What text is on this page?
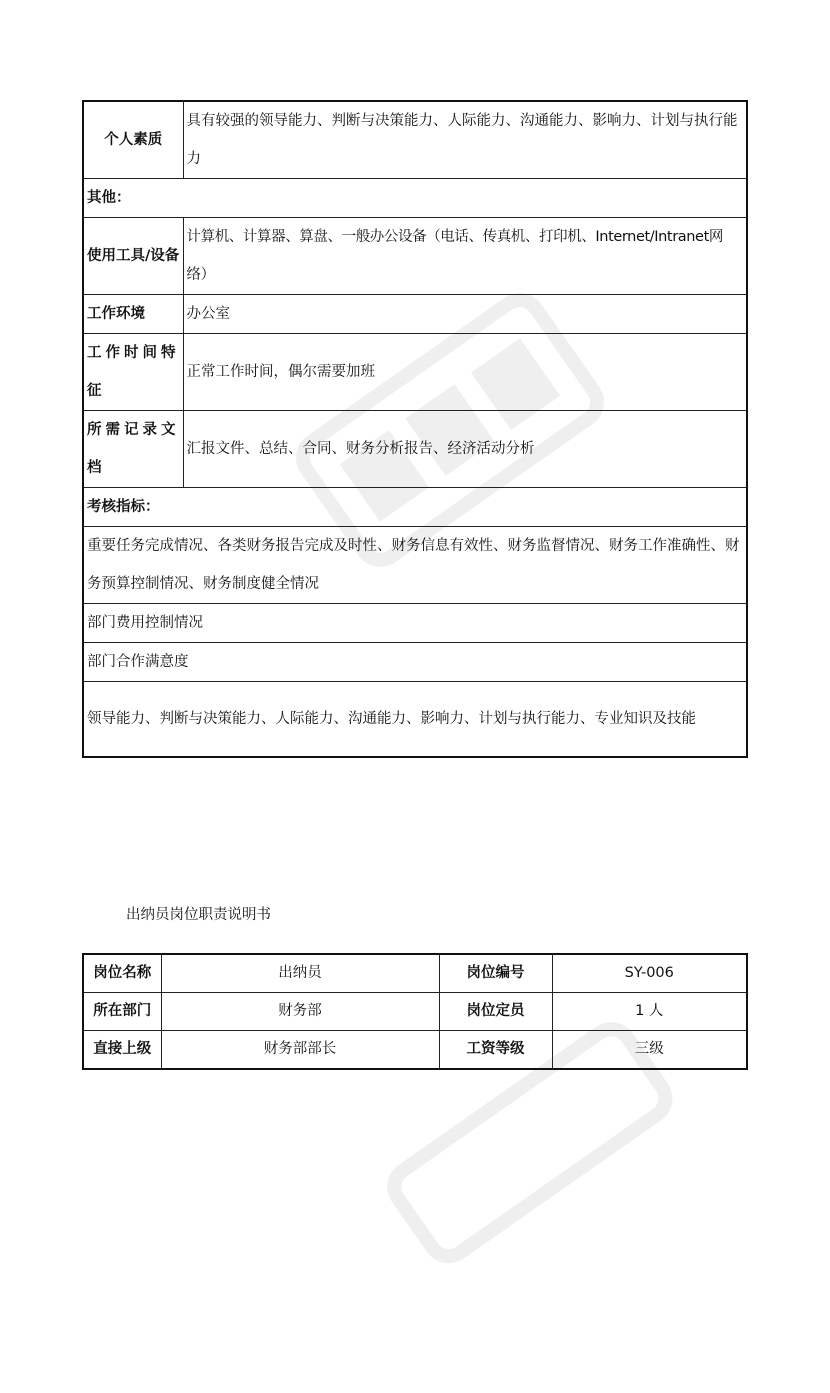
个人素质	具有较强的领导能力、判断与决策能力、人际能力、沟通能力、影响力、计划与执行能力
其他：	
使用工具/设备	计算机、计算器、算盘、一般办公设备（电话、传真机、打印机、Internet/Intranet网络）
工作环境	办公室
工作时间特征	正常工作时间，偶尔需要加班
所需记录文档	汇报文件、总结、合同、财务分析报告、经济活动分析
考核指标：	
重要任务完成情况、各类财务报告完成及时性、财务信息有效性、财务监督情况、财务工作准确性、财务预算控制情况、财务制度健全情况	
部门费用控制情况	
部门合作满意度	
领导能力、判断与决策能力、人际能力、沟通能力、影响力、计划与执行能力、专业知识及技能	
出纳员岗位职责说明书
岗位名称	出纳员	岗位编号	SY-006
所在部门	财务部	岗位定员	1 人
直接上级	财务部部长	工资等级	三级
